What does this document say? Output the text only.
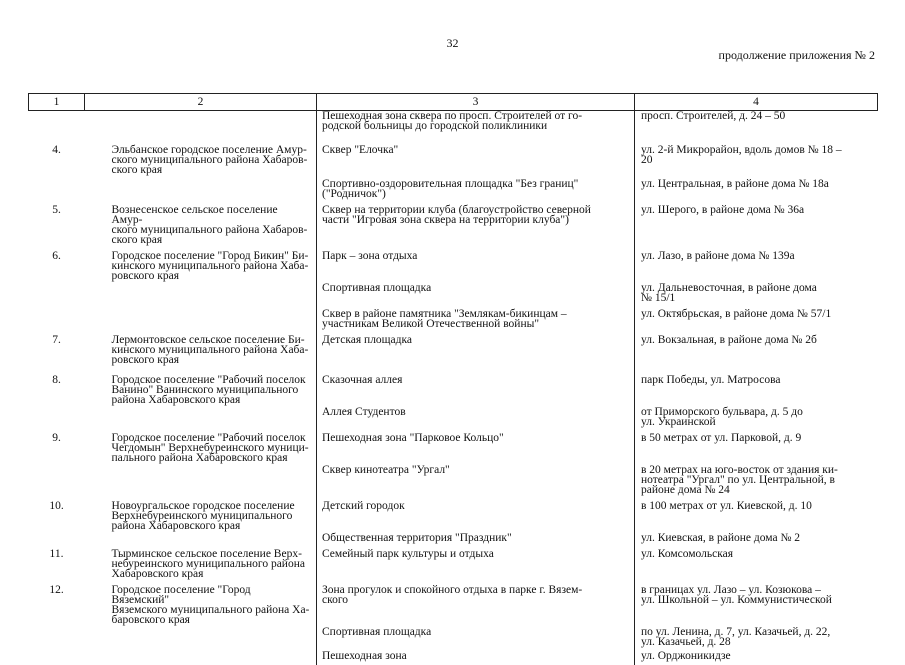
32
продолжение приложения № 2
1	2	3	4
		Пешеходная зона сквера по просп. Строителей от го-
родской больницы до городской поликлиники	просп. Строителей, д. 24 – 50

4.	Эльбанское городское поселение Амур-
ского муниципального района Хабаров-
ского края	Сквер "Елочка"	ул. 2-й Микрорайон, вдоль домов № 18 –
20

		Спортивно-оздоровительная площадка "Без границ"
("Родничок")	ул. Центральная, в районе дома № 18а

5.	Вознесенское сельское поселение Амур-
ского муниципального района Хабаров-
ского края	Сквер на территории клуба (благоустройство северной
части "Игровая зона сквера на территории клуба")	ул. Шерого, в районе дома № 36а

6.	Городское поселение "Город Бикин" Би-
кинского муниципального района Хаба-
ровского края	Парк – зона отдыха	ул. Лазо, в районе дома № 139а

		Спортивная площадка	ул. Дальневосточная, в районе дома
№ 15/1

		Сквер в районе памятника "Землякам-бикинцам –
участникам Великой Отечественной войны"	ул. Октябрьская, в районе дома № 57/1

7.	Лермонтовское сельское поселение Би-
кинского муниципального района Хаба-
ровского края	Детская площадка	ул. Вокзальная, в районе дома № 2б

8.	Городское поселение "Рабочий поселок
Ванино" Ванинского муниципального
района Хабаровского края	Сказочная аллея	парк Победы, ул. Матросова

		Аллея Студентов	от Приморского бульвара, д. 5 до
ул. Украинской

9.	Городское поселение "Рабочий поселок
Чегдомын" Верхнебуреинского муници-
пального района Хабаровского края	Пешеходная зона "Парковое Кольцо"	в 50 метрах от ул. Парковой, д. 9

		Сквер кинотеатра "Ургал"	в 20 метрах на юго-восток от здания ки-
нотеатра "Ургал" по ул. Центральной, в
районе дома № 24

10.	Новоургальское городское поселение
Верхнебуреинского муниципального
района Хабаровского края	Детский городок	в 100 метрах от ул. Киевской, д. 10

		Общественная территория "Праздник"	ул. Киевская, в районе дома № 2

11.	Тырминское сельское поселение Верх-
небуреинского муниципального района
Хабаровского края	Семейный парк культуры и отдыха	ул. Комсомольская

12.	Городское поселение "Город Вяземский"
Вяземского муниципального района Ха-
баровского края	Зона прогулок и спокойного отдыха в парке г. Вязем-
ского	в границах ул. Лазо – ул. Козюкова –
ул. Школьной – ул. Коммунистической

		Спортивная площадка	по ул. Ленина, д. 7, ул. Казачьей, д. 22,
ул. Казачьей, д. 28

		Пешеходная зона	ул. Орджоникидзе
